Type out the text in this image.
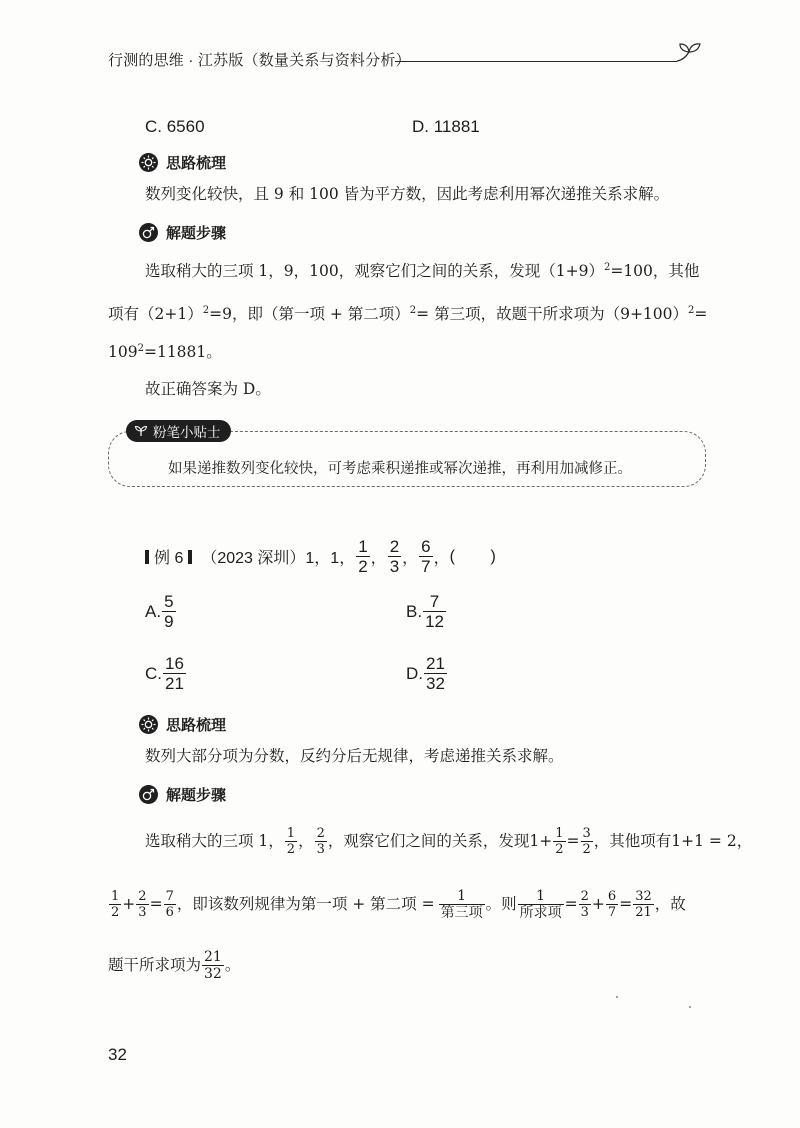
行测的思维 · 江苏版（数量关系与资料分析）
C. 6560	D. 11881
思路梳理
数列变化较快，且 9 和 100 皆为平方数，因此考虑利用幂次递推关系求解。
解题步骤
选取稍大的三项 1，9，100，观察它们之间的关系，发现$(1+9)^2=100$，其他
项有$(2+1)^2=9$，即（第一项 + 第二项）$^2$= 第三项，故题干所求项为$(9+100)^2=$
$109^2=11881$。
故正确答案为 D。
粉笔小贴士
如果递推数列变化较快，可考虑乘积递推或幂次递推，再利用加减修正。
例 6 （2023 深圳）1，1， $\frac{1}{2}$ ， $\frac{2}{3}$ ， $\frac{6}{7}$ ， (        )
A. $\frac{5}{9}$	B. $\frac{7}{12}$
C. $\frac{16}{21}$	D. $\frac{21}{32}$
思路梳理
数列大部分项为分数，反约分后无规律，考虑递推关系求解。
解题步骤
选取稍大的三项 1， $\frac{1}{2}$ ， $\frac{2}{3}$ ，观察它们之间的关系，发现$1+ \frac{1}{2} = \frac{3}{2}$ ，其他项有1+1 = 2，
$\frac{1}{2} + \frac{2}{3} = \frac{7}{6}$ ，即该数列规律为第一项 + 第二项 = $\frac{1}{\text{第三项}}$ 。则 $\frac{1}{\text{所求项}} = \frac{2}{3} + \frac{6}{7} = \frac{32}{21}$ ，故
题干所求项为 $\frac{21}{32}$ 。
32
